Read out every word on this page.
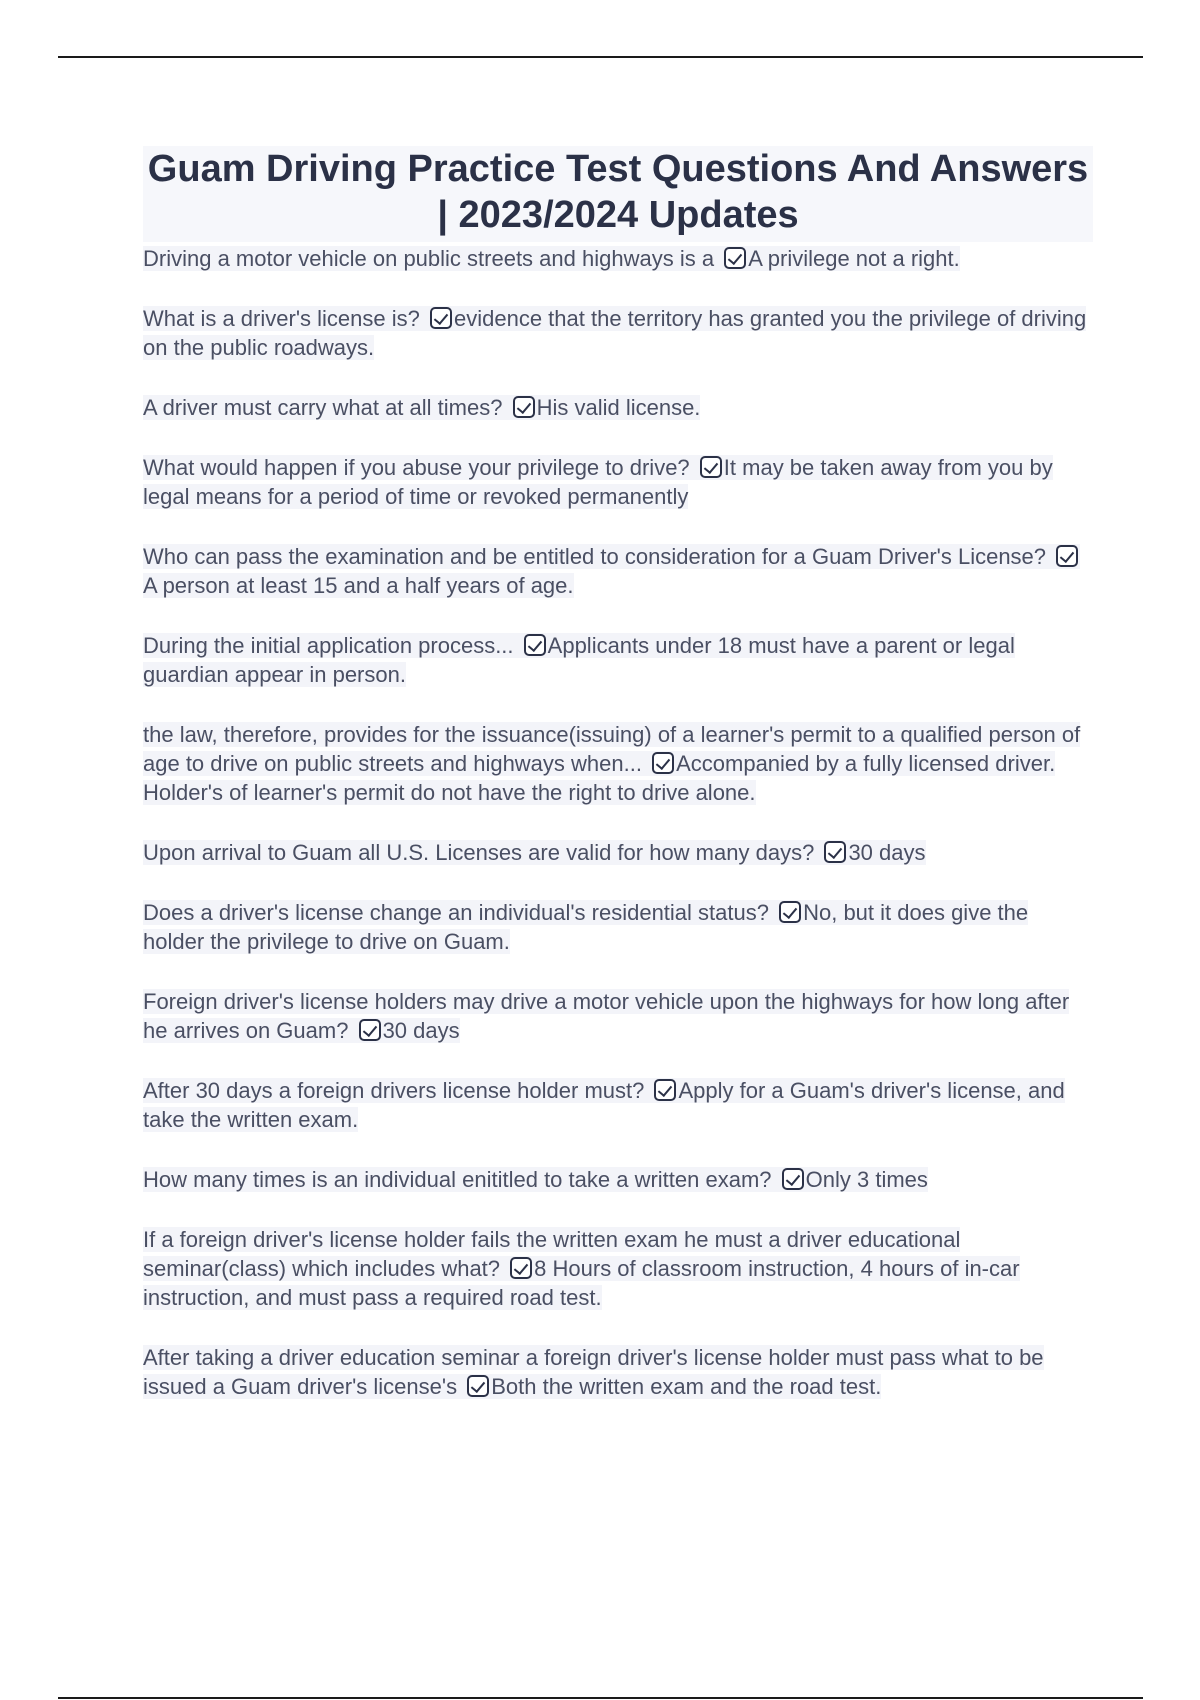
Guam Driving Practice Test Questions And Answers | 2023/2024 Updates
Driving a motor vehicle on public streets and highways is a A privilege not a right.
What is a driver's license is? evidence that the territory has granted you the privilege of driving on the public roadways.
A driver must carry what at all times? His valid license.
What would happen if you abuse your privilege to drive? It may be taken away from you by legal means for a period of time or revoked permanently
Who can pass the examination and be entitled to consideration for a Guam Driver's License? A person at least 15 and a half years of age.
During the initial application process... Applicants under 18 must have a parent or legal guardian appear in person.
the law, therefore, provides for the issuance(issuing) of a learner's permit to a qualified person of age to drive on public streets and highways when... Accompanied by a fully licensed driver. Holder's of learner's permit do not have the right to drive alone.
Upon arrival to Guam all U.S. Licenses are valid for how many days? 30 days
Does a driver's license change an individual's residential status? No, but it does give the holder the privilege to drive on Guam.
Foreign driver's license holders may drive a motor vehicle upon the highways for how long after he arrives on Guam? 30 days
After 30 days a foreign drivers license holder must? Apply for a Guam's driver's license, and take the written exam.
How many times is an individual enititled to take a written exam? Only 3 times
If a foreign driver's license holder fails the written exam he must a driver educational seminar(class) which includes what? 8 Hours of classroom instruction, 4 hours of in-car instruction, and must pass a required road test.
After taking a driver education seminar a foreign driver's license holder must pass what to be issued a Guam driver's license's Both the written exam and the road test.
